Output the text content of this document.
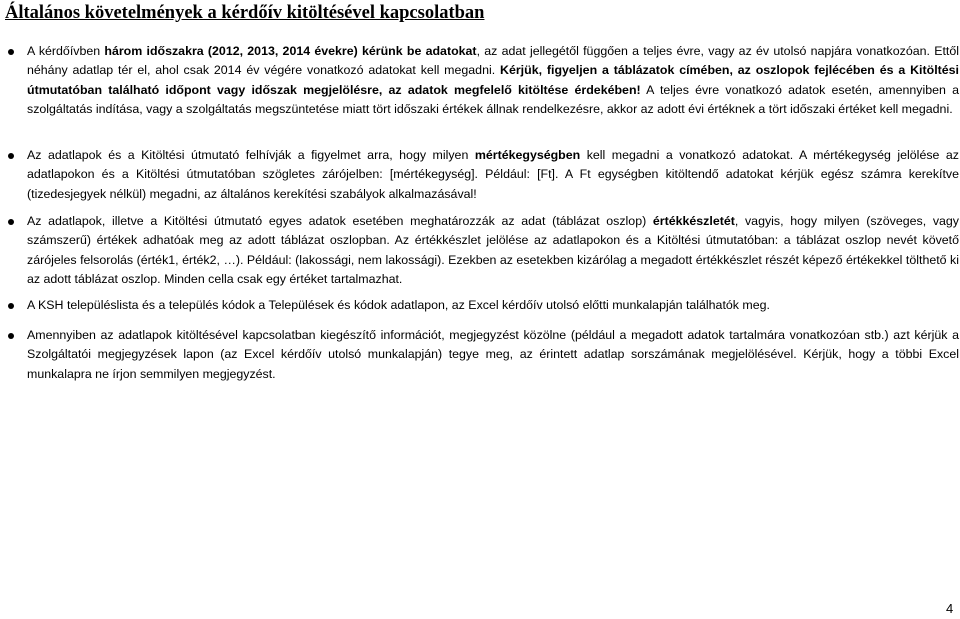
Általános követelmények a kérdőív kitöltésével kapcsolatban
A kérdőívben három időszakra (2012, 2013, 2014 évekre) kérünk be adatokat, az adat jellegétől függően a teljes évre, vagy az év utolsó napjára vonatkozóan. Ettől néhány adatlap tér el, ahol csak 2014 év végére vonatkozó adatokat kell megadni. Kérjük, figyeljen a táblázatok címében, az oszlopok fejlécében és a Kitöltési útmutatóban található időpont vagy időszak megjelölésre, az adatok megfelelő kitöltése érdekében! A teljes évre vonatkozó adatok esetén, amennyiben a szolgáltatás indítása, vagy a szolgáltatás megszüntetése miatt tört időszaki értékek állnak rendelkezésre, akkor az adott évi értéknek a tört időszaki értéket kell megadni.
Az adatlapok és a Kitöltési útmutató felhívják a figyelmet arra, hogy milyen mértékegységben kell megadni a vonatkozó adatokat. A mértékegység jelölése az adatlapokon és a Kitöltési útmutatóban szögletes zárójelben: [mértékegység]. Például: [Ft]. A Ft egységben kitöltendő adatokat kérjük egész számra kerekítve (tizedesjegyek nélkül) megadni, az általános kerekítési szabályok alkalmazásával!
Az adatlapok, illetve a Kitöltési útmutató egyes adatok esetében meghatározzák az adat (táblázat oszlop) értékkészletét, vagyis, hogy milyen (szöveges, vagy számszerű) értékek adhatóak meg az adott táblázat oszlopban. Az értékkészlet jelölése az adatlapokon és a Kitöltési útmutatóban: a táblázat oszlop nevét követő zárójeles felsorolás (érték1, érték2, …). Például: (lakossági, nem lakossági). Ezekben az esetekben kizárólag a megadott értékkészlet részét képező értékekkel tölthető ki az adott táblázat oszlop. Minden cella csak egy értéket tartalmazhat.
A KSH településlista és a település kódok a Települések és kódok adatlapon, az Excel kérdőív utolsó előtti munkalapján találhatók meg.
Amennyiben az adatlapok kitöltésével kapcsolatban kiegészítő információt, megjegyzést közölne (például a megadott adatok tartalmára vonatkozóan stb.) azt kérjük a Szolgáltatói megjegyzések lapon (az Excel kérdőív utolsó munkalapján) tegye meg, az érintett adatlap sorszámának megjelölésével. Kérjük, hogy a többi Excel munkalapra ne írjon semmilyen megjegyzést.
4
